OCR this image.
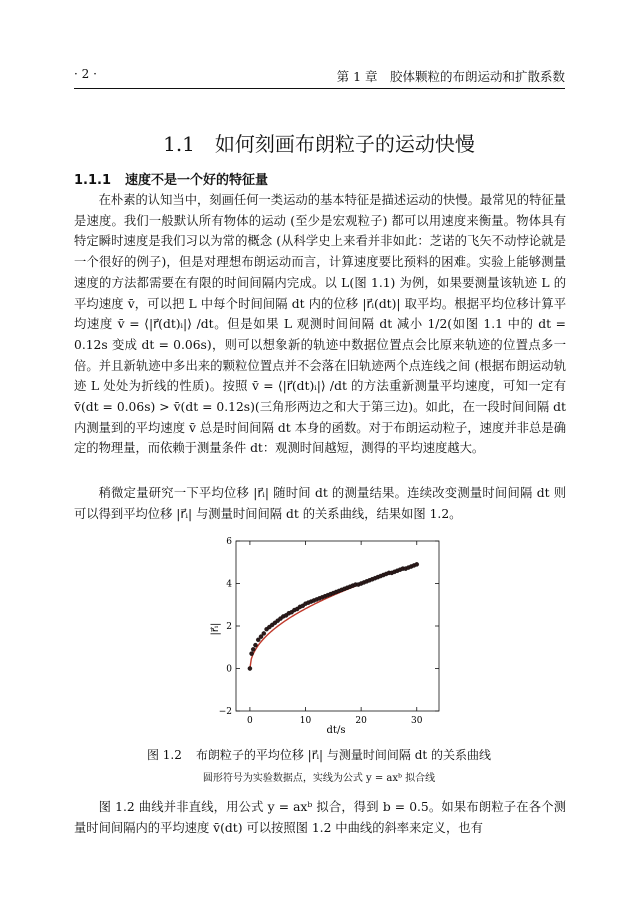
· 2 ·	第 1 章　胶体颗粒的布朗运动和扩散系数
1.1 如何刻画布朗粒子的运动快慢
1.1.1 速度不是一个好的特征量

在朴素的认知当中，刻画任何一类运动的基本特征是描述运动的快慢。最常见的特征量是速度。我们一般默认所有物体的运动 (至少是宏观粒子) 都可以用速度来衡量。物体具有特定瞬时速度是我们习以为常的概念 (从科学史上来看并非如此：芝诺的飞矢不动悖论就是一个很好的例子)，但是对理想布朗运动而言，计算速度要比预料的困难。实验上能够测量速度的方法都需要在有限的时间间隔内完成。以 L(图 1.1) 为例，如果要测量该轨迹 L 的平均速度 v̄，可以把 L 中每个时间间隔 dt 内的位移 |r⃗ᵢ(dt)| 取平均。根据平均位移计算平均速度 v̄ = ⟨|r⃗(dt)ᵢ|⟩ /dt。但是如果 L 观测时间间隔 dt 减小 1/2(如图 1.1 中的 dt = 0.12s 变成 dt = 0.06s)，则可以想象新的轨迹中数据位置点会比原来轨迹的位置点多一倍。并且新轨迹中多出来的颗粒位置点并不会落在旧轨迹两个点连线之间 (根据布朗运动轨迹 L 处处为折线的性质)。按照 v̄ = ⟨|r⃗(dt)ᵢ|⟩ /dt 的方法重新测量平均速度，可知一定有 v̄(dt = 0.06s) > v̄(dt = 0.12s)(三角形两边之和大于第三边)。如此，在一段时间间隔 dt 内测量到的平均速度 v̄ 总是时间间隔 dt 本身的函数。对于布朗运动粒子，速度并非总是确定的物理量，而依赖于测量条件 dt：观测时间越短，测得的平均速度越大。

稍微定量研究一下平均位移 |r⃗ᵢ| 随时间 dt 的测量结果。连续改变测量时间间隔 dt 则可以得到平均位移 |r⃗ᵢ| 与测量时间间隔 dt 的关系曲线，结果如图 1.2。

0	10	20	30
−2
0
2
4
6
dt/s
|r⃗ᵢ|
图 1.2 布朗粒子的平均位移 |r⃗ᵢ| 与测量时间间隔 dt 的关系曲线
圆形符号为实验数据点，实线为公式 y = axᵇ 拟合线

图 1.2 曲线并非直线，用公式 y = axᵇ 拟合，得到 b = 0.5。如果布朗粒子在各个测量时间间隔内的平均速度 v̄(dt) 可以按照图 1.2 中曲线的斜率来定义，也有
